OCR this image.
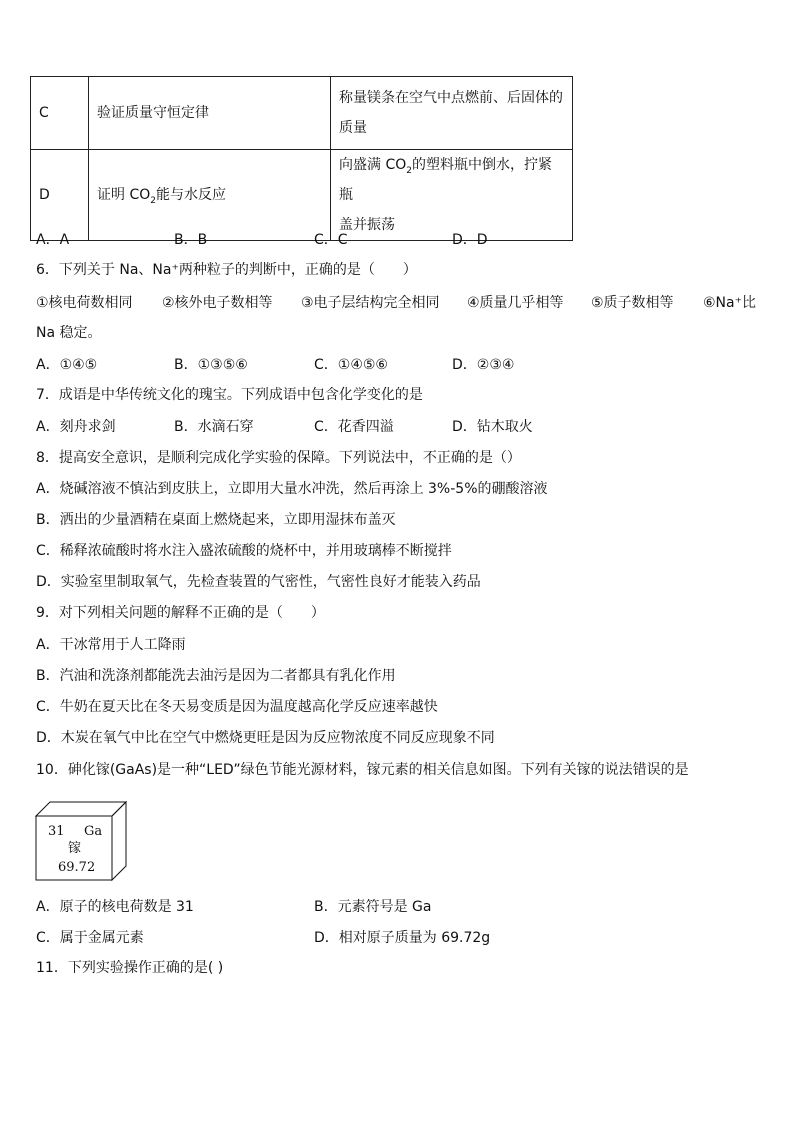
C	验证质量守恒定律	称量镁条在空气中点燃前、后固体的
质量

D	证明 $CO_2$能与水反应	向盛满 $CO_2$的塑料瓶中倒水，拧紧瓶
盖并振荡
A．A	B．B	C．C	D．D
6．下列关于 Na、Na⁺两种粒子的判断中，正确的是（　　）
①核电荷数相同 ②核外电子数相等 ③电子层结构完全相同 ④质量几乎相等 ⑤质子数相等 ⑥Na⁺比
Na 稳定。
A．①④⑤	B．①③⑤⑥	C．①④⑤⑥	D．②③④
7．成语是中华传统文化的瑰宝。下列成语中包含化学变化的是
A．刻舟求剑	B．水滴石穿	C．花香四溢	D．钻木取火
8．提高安全意识，是顺利完成化学实验的保障。下列说法中，不正确的是（）
A．烧碱溶液不慎沾到皮肤上，立即用大量水冲洗，然后再涂上 3%-5%的硼酸溶液
B．洒出的少量酒精在桌面上燃烧起来，立即用湿抹布盖灭
C．稀释浓硫酸时将水注入盛浓硫酸的烧杯中，并用玻璃棒不断搅拌
D．实验室里制取氧气，先检查装置的气密性，气密性良好才能装入药品
9．对下列相关问题的解释不正确的是（　　）
A．干冰常用于人工降雨
B．汽油和洗涤剂都能洗去油污是因为二者都具有乳化作用
C．牛奶在夏天比在冬天易变质是因为温度越高化学反应速率越快
D．木炭在氧气中比在空气中燃烧更旺是因为反应物浓度不同反应现象不同
10．砷化镓(GaAs)是一种“LED”绿色节能光源材料，镓元素的相关信息如图。下列有关镓的说法错误的是
31 Ga
镓
69.72
A．原子的核电荷数是 31	B．元素符号是 Ga
C．属于金属元素	D．相对原子质量为 69.72g
11．下列实验操作正确的是( )
